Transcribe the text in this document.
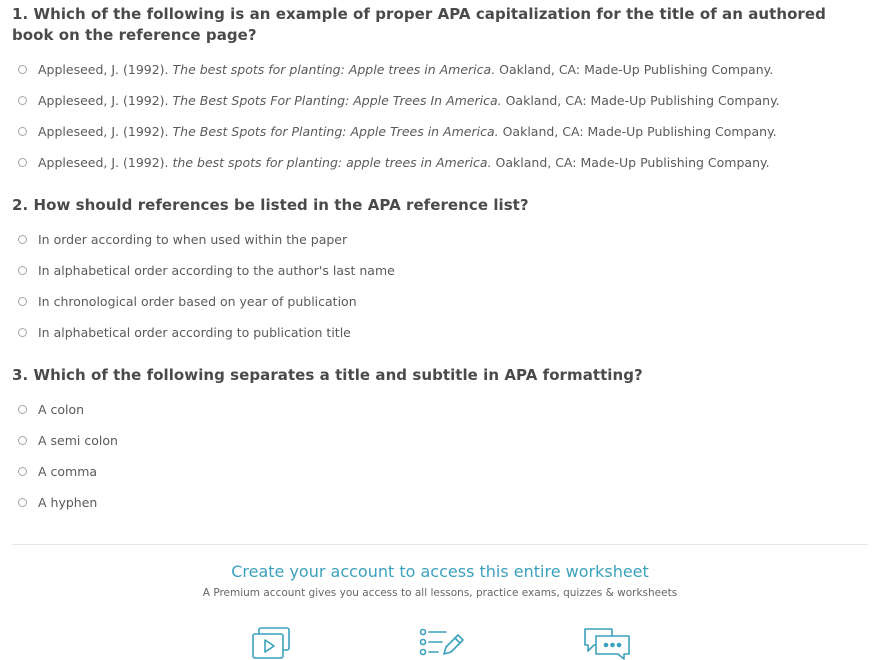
1. Which of the following is an example of proper APA capitalization for the title of an authored book on the reference page?

Appleseed, J. (1992). The best spots for planting: Apple trees in America. Oakland, CA: Made-Up Publishing Company.
Appleseed, J. (1992). The Best Spots For Planting: Apple Trees In America. Oakland, CA: Made-Up Publishing Company.
Appleseed, J. (1992). The Best Spots for Planting: Apple Trees in America. Oakland, CA: Made-Up Publishing Company.
Appleseed, J. (1992). the best spots for planting: apple trees in America. Oakland, CA: Made-Up Publishing Company.

2. How should references be listed in the APA reference list?

In order according to when used within the paper
In alphabetical order according to the author's last name
In chronological order based on year of publication
In alphabetical order according to publication title

3. Which of the following separates a title and subtitle in APA formatting?

A colon
A semi colon
A comma
A hyphen

Create your account to access this entire worksheet

A Premium account gives you access to all lessons, practice exams, quizzes & worksheets
